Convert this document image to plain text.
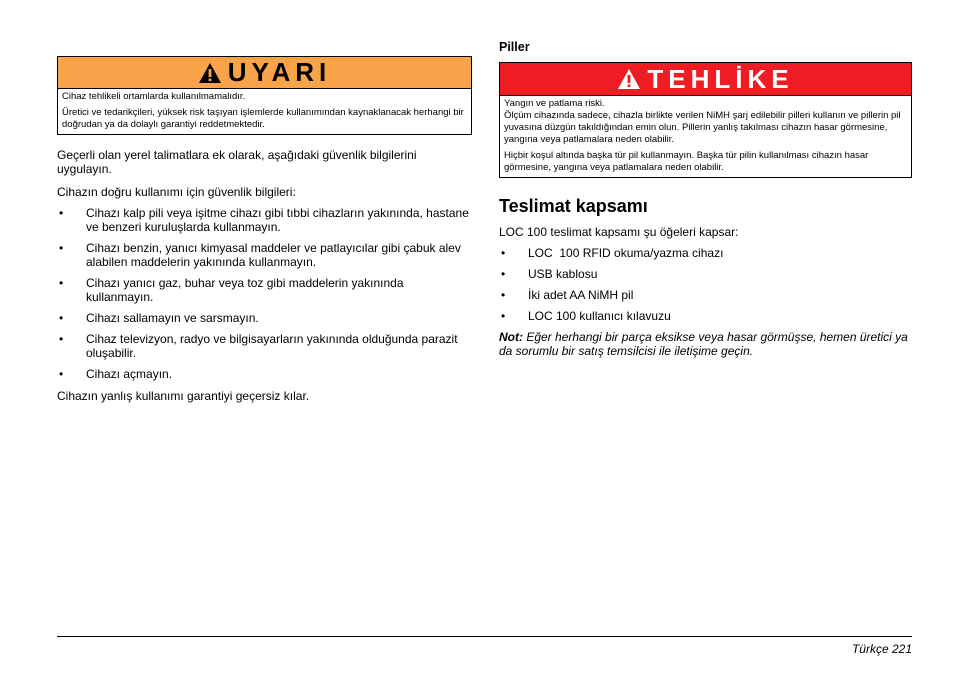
UYARI

Cihaz tehlikeli ortamlarda kullanılmamalıdır.

Üretici ve tedarikçileri, yüksek risk taşıyan işlemlerde kullanımından kaynaklanacak herhangi bir doğrudan ya da dolaylı garantiyi reddetmektedir.

Geçerli olan yerel talimatlara ek olarak, aşağıdaki güvenlik bilgilerini uygulayın.

Cihazın doğru kullanımı için güvenlik bilgileri:

• Cihazı kalp pili veya işitme cihazı gibi tıbbi cihazların yakınında, hastane ve benzeri kuruluşlarda kullanmayın.
• Cihazı benzin, yanıcı kimyasal maddeler ve patlayıcılar gibi çabuk alev alabilen maddelerin yakınında kullanmayın.
• Cihazı yanıcı gaz, buhar veya toz gibi maddelerin yakınında kullanmayın.
• Cihazı sallamayın ve sarsmayın.
• Cihaz televizyon, radyo ve bilgisayarların yakınında olduğunda parazit oluşabilir.
• Cihazı açmayın.

Cihazın yanlış kullanımı garantiyi geçersiz kılar.

Piller
TEHLİKE

Yangın ve patlama riski.

Ölçüm cihazında sadece, cihazla birlikte verilen NiMH şarj edilebilir pilleri kullanın ve pillerin pil yuvasına düzgün takıldığından emin olun. Pillerin yanlış takılması cihazın hasar görmesine, yangına veya patlamalara neden olabilir.

Hiçbir koşul altında başka tür pil kullanmayın. Başka tür pilin kullanılması cihazın hasar görmesine, yangına veya patlamalara neden olabilir.

Teslimat kapsamı

LOC 100 teslimat kapsamı şu öğeleri kapsar:

• LOC  100 RFID okuma/yazma cihazı
• USB kablosu
• İki adet AA NiMH pil
• LOC 100 kullanıcı kılavuzu

Not: Eğer herhangi bir parça eksikse veya hasar görmüşse, hemen üretici ya da sorumlu bir satış temsilcisi ile iletişime geçin.

Türkçe 221
